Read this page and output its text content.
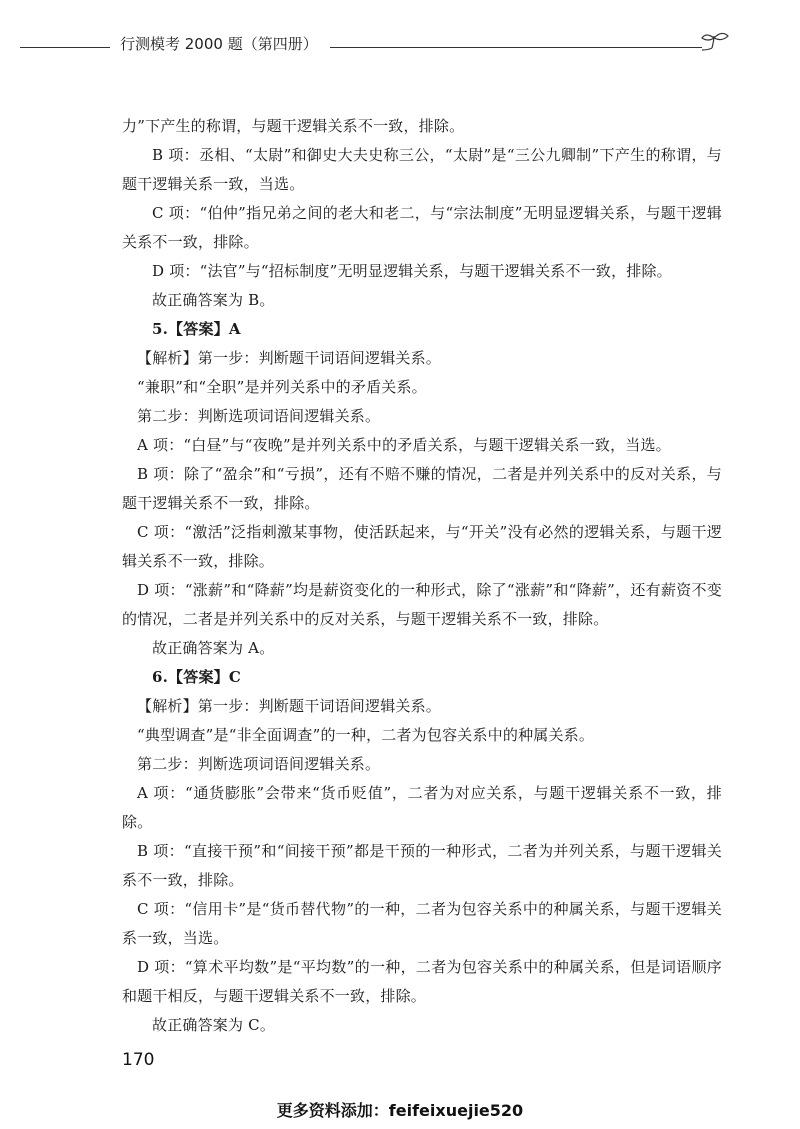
行测模考 2000 题（第四册）

力”下产生的称谓，与题干逻辑关系不一致，排除。

B 项：丞相、“太尉”和御史大夫史称三公，“太尉”是“三公九卿制”下产生的称谓，与题干逻辑关系一致，当选。

C 项：“伯仲”指兄弟之间的老大和老二，与“宗法制度”无明显逻辑关系，与题干逻辑关系不一致，排除。

D 项：“法官”与“招标制度”无明显逻辑关系，与题干逻辑关系不一致，排除。

故正确答案为 B。

5.【答案】A

【解析】第一步：判断题干词语间逻辑关系。

“兼职”和“全职”是并列关系中的矛盾关系。

第二步：判断选项词语间逻辑关系。

A 项：“白昼”与“夜晚”是并列关系中的矛盾关系，与题干逻辑关系一致，当选。

B 项：除了“盈余”和“亏损”，还有不赔不赚的情况，二者是并列关系中的反对关系，与题干逻辑关系不一致，排除。

C 项：“激活”泛指刺激某事物，使活跃起来，与“开关”没有必然的逻辑关系，与题干逻辑关系不一致，排除。

D 项：“涨薪”和“降薪”均是薪资变化的一种形式，除了“涨薪”和“降薪”，还有薪资不变的情况，二者是并列关系中的反对关系，与题干逻辑关系不一致，排除。

故正确答案为 A。

6.【答案】C

【解析】第一步：判断题干词语间逻辑关系。

“典型调查”是“非全面调查”的一种，二者为包容关系中的种属关系。

第二步：判断选项词语间逻辑关系。

A 项：“通货膨胀”会带来“货币贬值”，二者为对应关系，与题干逻辑关系不一致，排除。

B 项：“直接干预”和“间接干预”都是干预的一种形式，二者为并列关系，与题干逻辑关系不一致，排除。

C 项：“信用卡”是“货币替代物”的一种，二者为包容关系中的种属关系，与题干逻辑关系一致，当选。

D 项：“算术平均数”是“平均数”的一种，二者为包容关系中的种属关系，但是词语顺序和题干相反，与题干逻辑关系不一致，排除。

故正确答案为 C。

170
更多资料添加：feifeixuejie520
